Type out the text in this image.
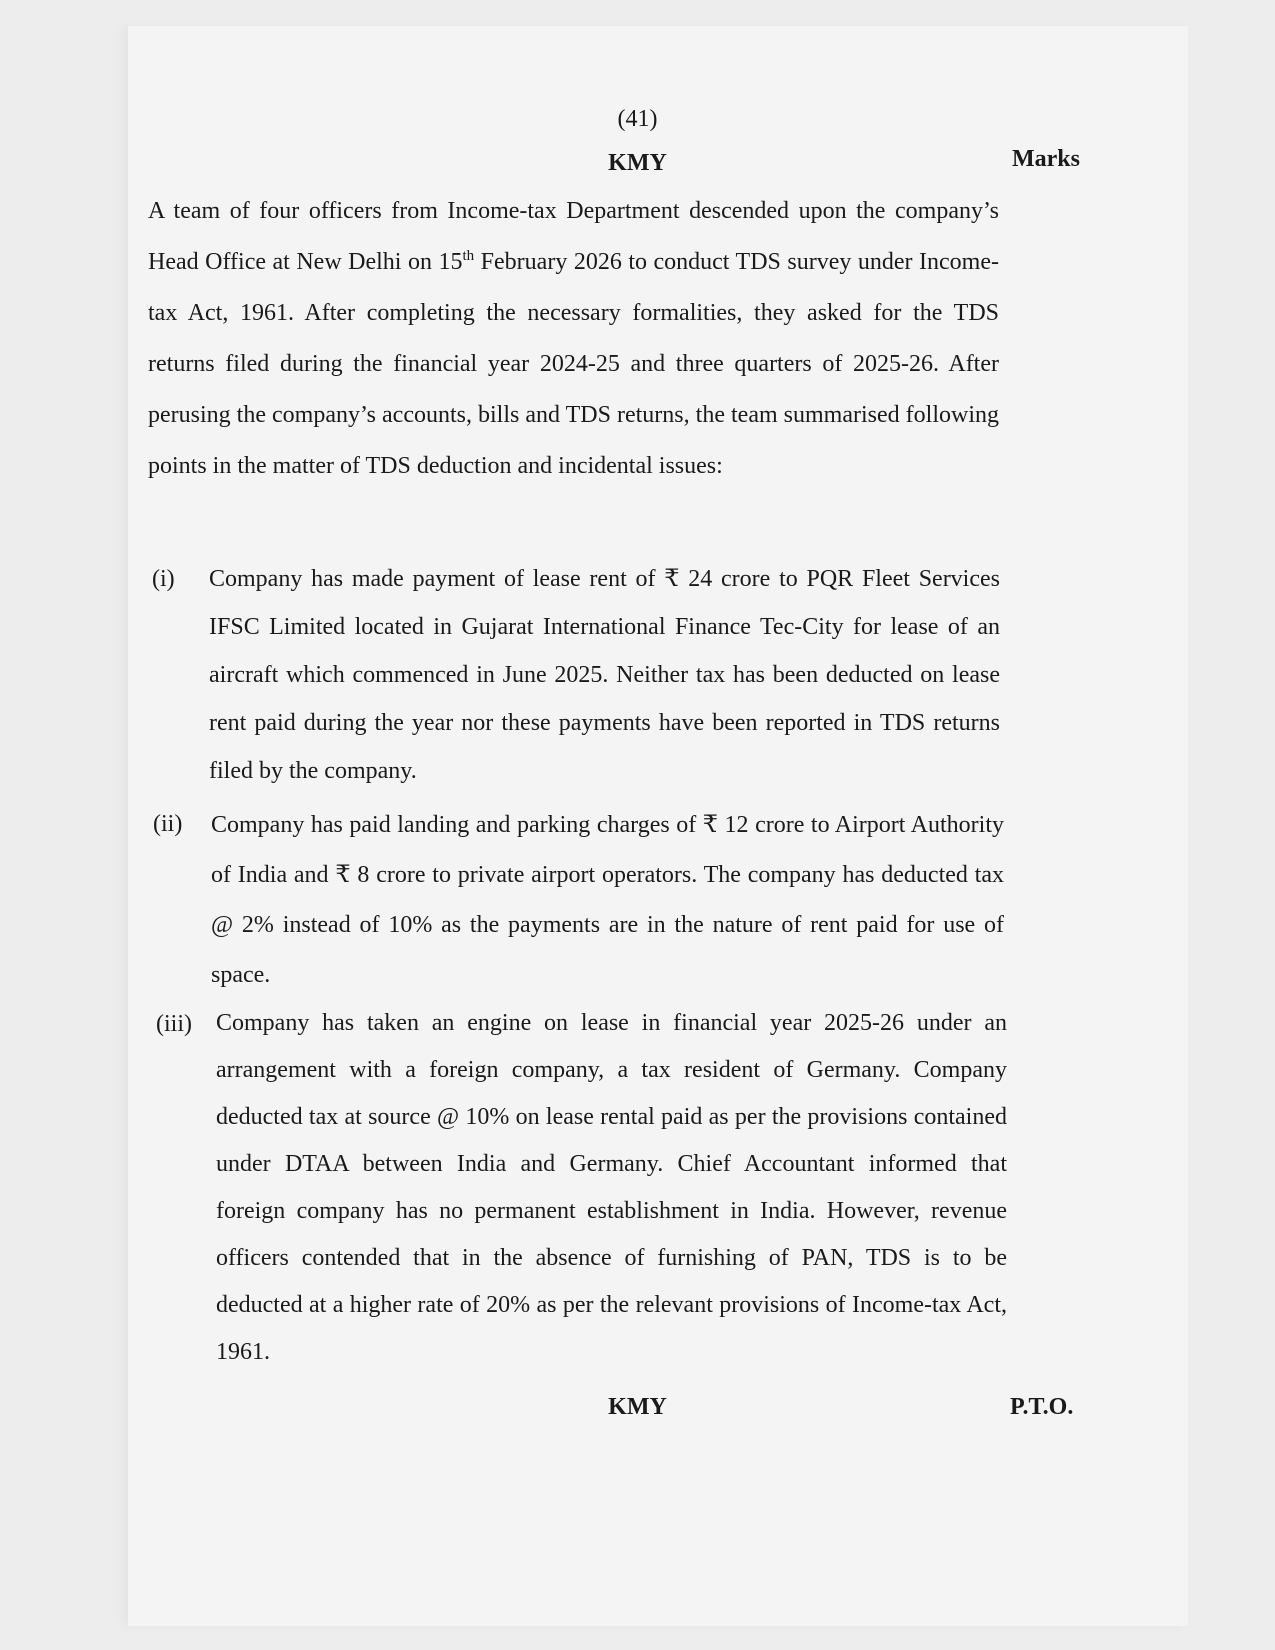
(41)
KMY	Marks

A team of four officers from Income-tax Department descended upon the company’s Head Office at New Delhi on 15th February 2026 to conduct TDS survey under Income-tax Act, 1961. After completing the necessary formalities, they asked for the TDS returns filed during the financial year 2024-25 and three quarters of 2025-26. After perusing the company’s accounts, bills and TDS returns, the team summarised following points in the matter of TDS deduction and incidental issues:

(i) Company has made payment of lease rent of ₹ 24 crore to PQR Fleet Services IFSC Limited located in Gujarat International Finance Tec-City for lease of an aircraft which commenced in June 2025. Neither tax has been deducted on lease rent paid during the year nor these payments have been reported in TDS returns filed by the company.
(ii) Company has paid landing and parking charges of ₹ 12 crore to Airport Authority of India and ₹ 8 crore to private airport operators. The company has deducted tax @ 2% instead of 10% as the payments are in the nature of rent paid for use of space.
(iii) Company has taken an engine on lease in financial year 2025-26 under an arrangement with a foreign company, a tax resident of Germany. Company deducted tax at source @ 10% on lease rental paid as per the provisions contained under DTAA between India and Germany. Chief Accountant informed that foreign company has no permanent establishment in India. However, revenue officers contended that in the absence of furnishing of PAN, TDS is to be deducted at a higher rate of 20% as per the relevant provisions of Income-tax Act, 1961.
KMY	P.T.O.
